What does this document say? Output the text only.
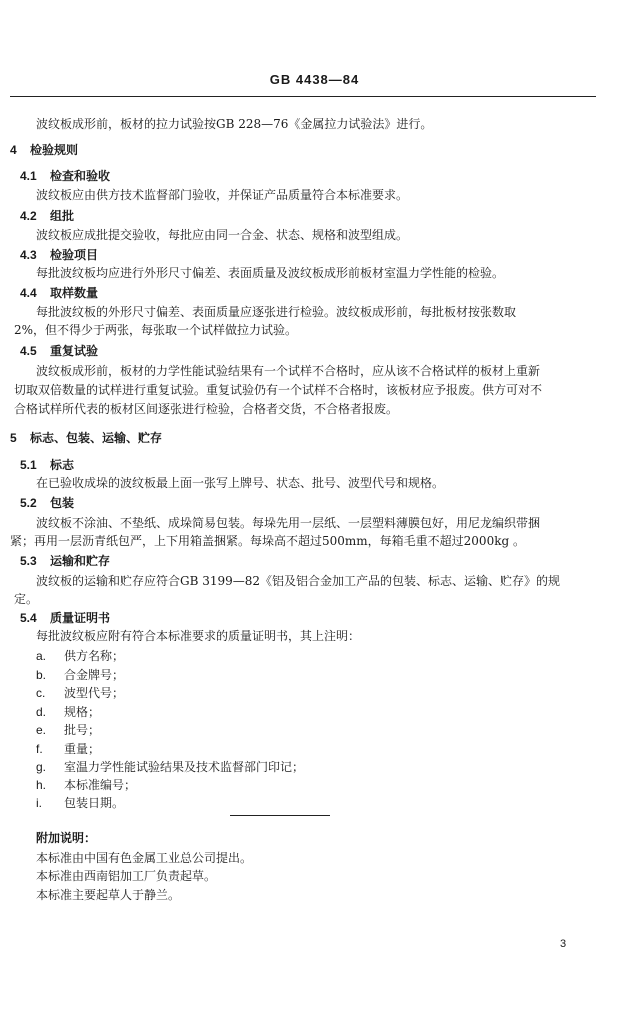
GB 4438—84
波纹板成形前，板材的拉力试验按GB 228—76《金属拉力试验法》进行。
4 检验规则
4.1 检查和验收
波纹板应由供方技术监督部门验收，并保证产品质量符合本标准要求。
4.2 组批
波纹板应成批提交验收，每批应由同一合金、状态、规格和波型组成。
4.3 检验项目
每批波纹板均应进行外形尺寸偏差、表面质量及波纹板成形前板材室温力学性能的检验。
4.4 取样数量
每批波纹板的外形尺寸偏差、表面质量应逐张进行检验。波纹板成形前，每批板材按张数取
2%，但不得少于两张，每张取一个试样做拉力试验。
4.5 重复试验
波纹板成形前，板材的力学性能试验结果有一个试样不合格时，应从该不合格试样的板材上重新
切取双倍数量的试样进行重复试验。重复试验仍有一个试样不合格时，该板材应予报废。供方可对不
合格试样所代表的板材区间逐张进行检验，合格者交货，不合格者报废。
5 标志、包装、运输、贮存
5.1 标志
在已验收成垛的波纹板最上面一张写上牌号、状态、批号、波型代号和规格。
5.2 包装
波纹板不涂油、不垫纸、成垛简易包装。每垛先用一层纸、一层塑料薄膜包好，用尼龙编织带捆
紧；再用一层沥青纸包严，上下用箱盖捆紧。每垛高不超过500mm，每箱毛重不超过2000kg 。
5.3 运输和贮存
波纹板的运输和贮存应符合GB 3199—82《铝及铝合金加工产品的包装、标志、运输、贮存》的规
定。
5.4 质量证明书
每批波纹板应附有符合本标准要求的质量证明书，其上注明：
a. 供方名称；
b. 合金牌号；
c. 波型代号；
d. 规格；
e. 批号；
f. 重量；
g. 室温力学性能试验结果及技术监督部门印记；
h. 本标准编号；
i. 包装日期。
附加说明：
本标准由中国有色金属工业总公司提出。
本标准由西南铝加工厂负责起草。
本标准主要起草人于静兰。
3
